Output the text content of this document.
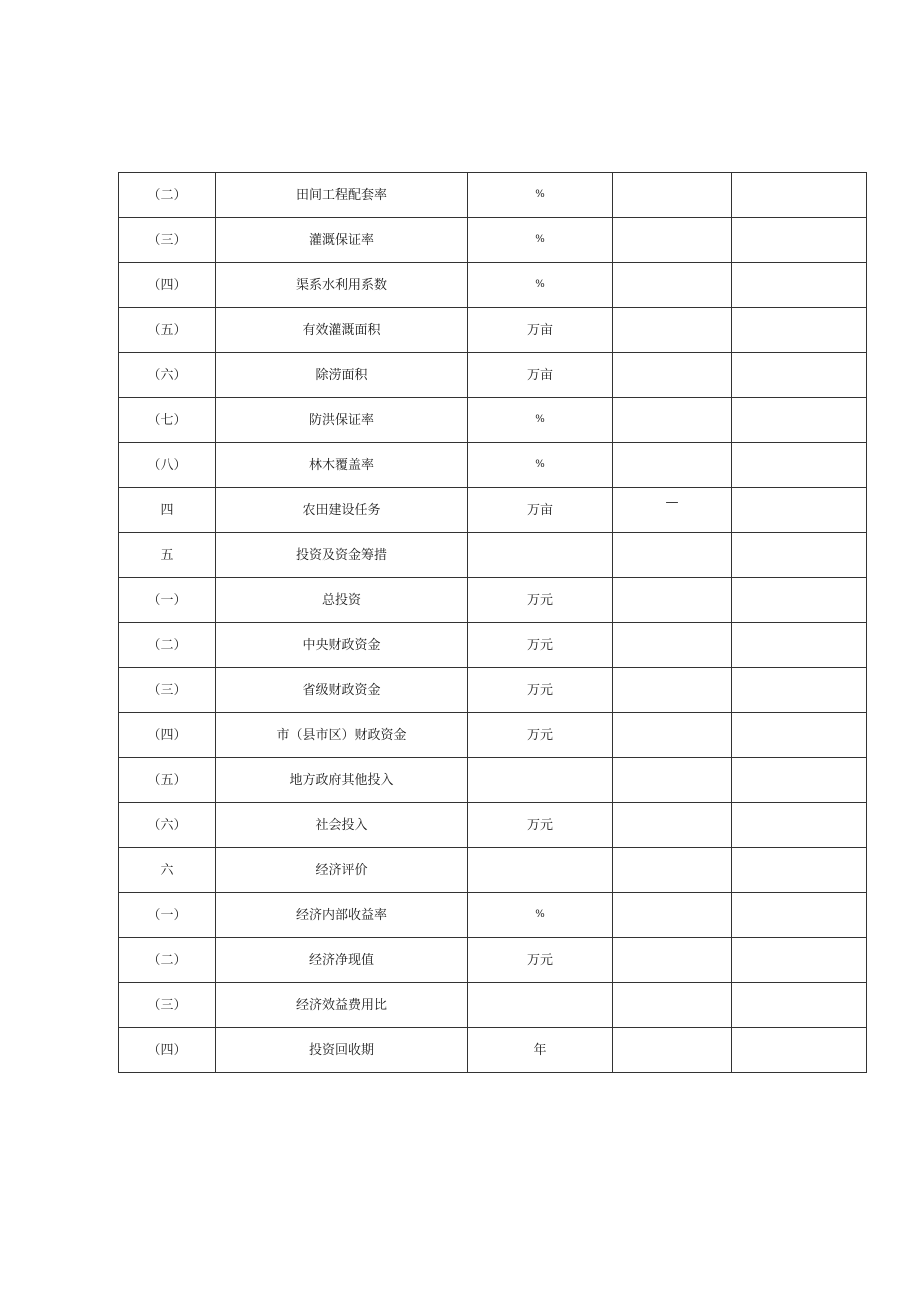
（二）	田间工程配套率	%		
（三）	灌溉保证率	%		
（四）	渠系水利用系数	%		
（五）	有效灌溉面积	万亩		
（六）	除涝面积	万亩		
（七）	防洪保证率	%		
（八）	林木覆盖率	%		
四	农田建设任务	万亩	—	
五	投资及资金筹措			
（一）	总投资	万元		
（二）	中央财政资金	万元		
（三）	省级财政资金	万元		
（四）	市（县市区）财政资金	万元		
（五）	地方政府其他投入			
（六）	社会投入	万元		
六	经济评价			
（一）	经济内部收益率	%		
（二）	经济净现值	万元		
（三）	经济效益费用比			
（四）	投资回收期	年		
